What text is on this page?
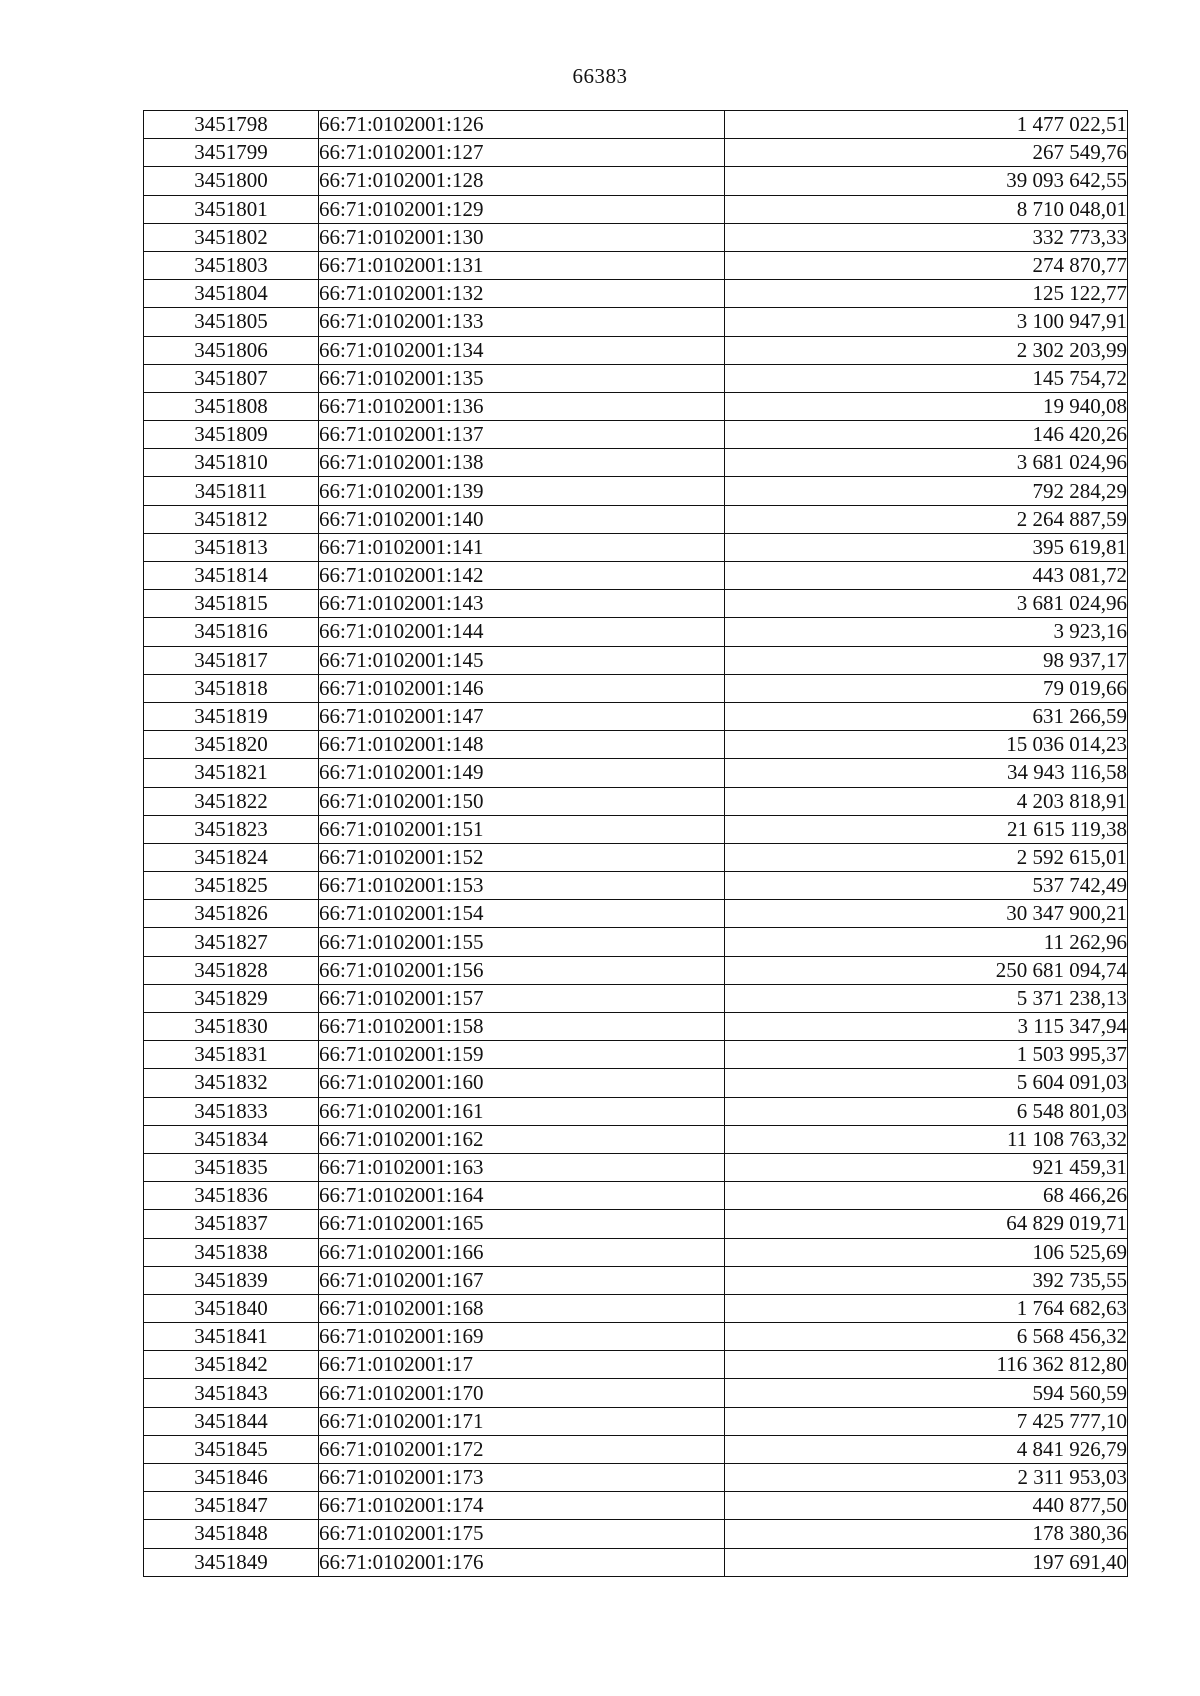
66383
3451798	66:71:0102001:126	1 477 022,51
3451799	66:71:0102001:127	267 549,76
3451800	66:71:0102001:128	39 093 642,55
3451801	66:71:0102001:129	8 710 048,01
3451802	66:71:0102001:130	332 773,33
3451803	66:71:0102001:131	274 870,77
3451804	66:71:0102001:132	125 122,77
3451805	66:71:0102001:133	3 100 947,91
3451806	66:71:0102001:134	2 302 203,99
3451807	66:71:0102001:135	145 754,72
3451808	66:71:0102001:136	19 940,08
3451809	66:71:0102001:137	146 420,26
3451810	66:71:0102001:138	3 681 024,96
3451811	66:71:0102001:139	792 284,29
3451812	66:71:0102001:140	2 264 887,59
3451813	66:71:0102001:141	395 619,81
3451814	66:71:0102001:142	443 081,72
3451815	66:71:0102001:143	3 681 024,96
3451816	66:71:0102001:144	3 923,16
3451817	66:71:0102001:145	98 937,17
3451818	66:71:0102001:146	79 019,66
3451819	66:71:0102001:147	631 266,59
3451820	66:71:0102001:148	15 036 014,23
3451821	66:71:0102001:149	34 943 116,58
3451822	66:71:0102001:150	4 203 818,91
3451823	66:71:0102001:151	21 615 119,38
3451824	66:71:0102001:152	2 592 615,01
3451825	66:71:0102001:153	537 742,49
3451826	66:71:0102001:154	30 347 900,21
3451827	66:71:0102001:155	11 262,96
3451828	66:71:0102001:156	250 681 094,74
3451829	66:71:0102001:157	5 371 238,13
3451830	66:71:0102001:158	3 115 347,94
3451831	66:71:0102001:159	1 503 995,37
3451832	66:71:0102001:160	5 604 091,03
3451833	66:71:0102001:161	6 548 801,03
3451834	66:71:0102001:162	11 108 763,32
3451835	66:71:0102001:163	921 459,31
3451836	66:71:0102001:164	68 466,26
3451837	66:71:0102001:165	64 829 019,71
3451838	66:71:0102001:166	106 525,69
3451839	66:71:0102001:167	392 735,55
3451840	66:71:0102001:168	1 764 682,63
3451841	66:71:0102001:169	6 568 456,32
3451842	66:71:0102001:17	116 362 812,80
3451843	66:71:0102001:170	594 560,59
3451844	66:71:0102001:171	7 425 777,10
3451845	66:71:0102001:172	4 841 926,79
3451846	66:71:0102001:173	2 311 953,03
3451847	66:71:0102001:174	440 877,50
3451848	66:71:0102001:175	178 380,36
3451849	66:71:0102001:176	197 691,40
